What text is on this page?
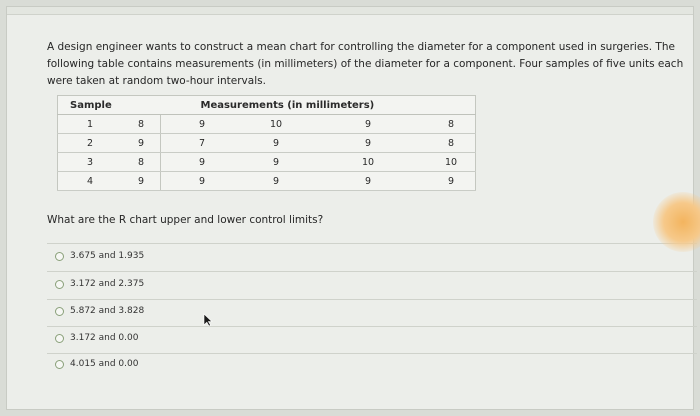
A design engineer wants to construct a mean chart for controlling the diameter for a component used in surgeries. The following table contains measurements (in millimeters) of the diameter for a component. Four samples of five units each were taken at random two-hour intervals.
Sample		Measurements (in millimeters)			
1	8	9	10	9	8
2	9	7	9	9	8
3	8	9	9	10	10
4	9	9	9	9	9
What are the R chart upper and lower control limits?
3.675 and 1.935
3.172 and 2.375
5.872 and 3.828
3.172 and 0.00
4.015 and 0.00
